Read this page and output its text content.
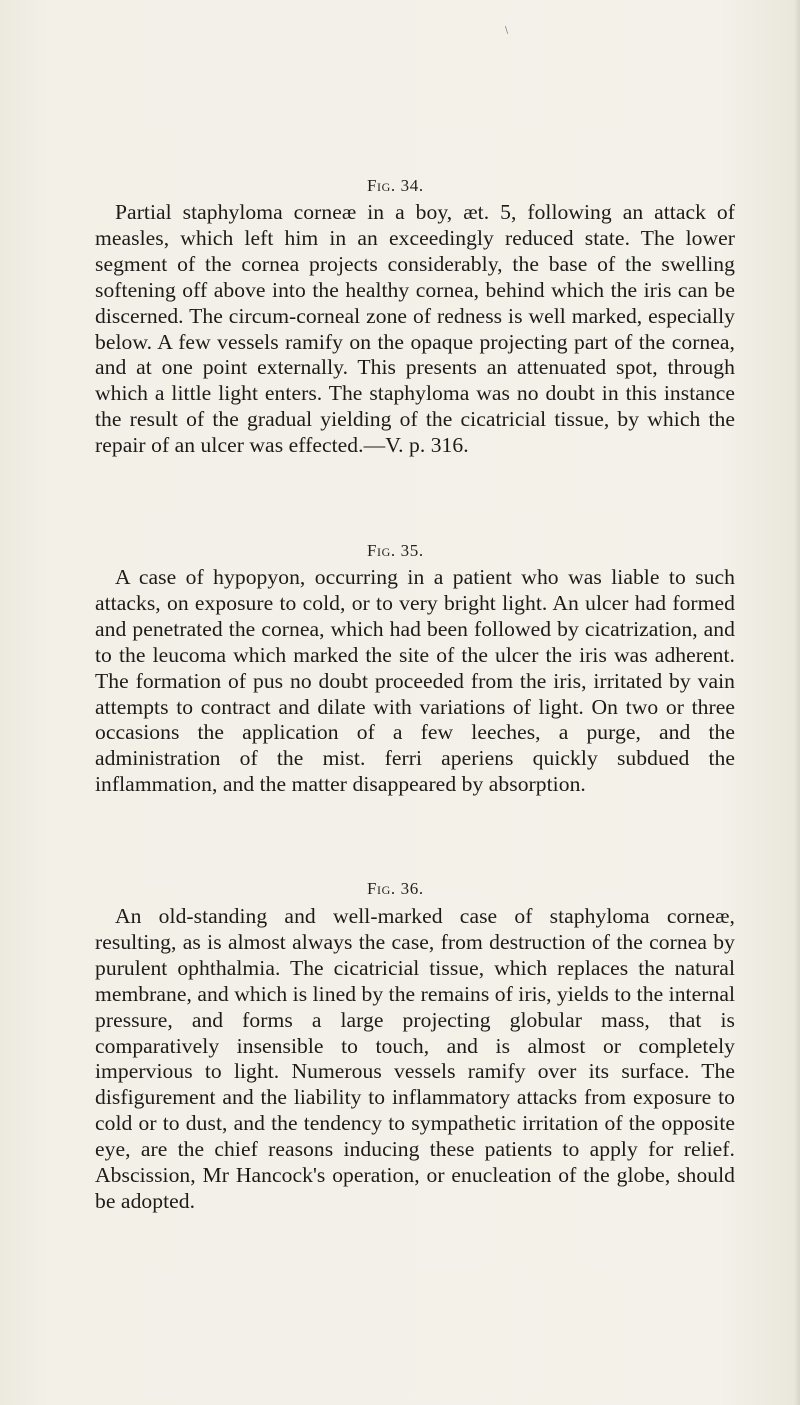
\
Fig. 34.

Partial staphyloma corneæ in a boy, æt. 5, following an attack of measles, which left him in an exceedingly reduced state. The lower segment of the cornea projects considerably, the base of the swelling softening off above into the healthy cornea, behind which the iris can be discerned. The circum-corneal zone of redness is well marked, especially below. A few vessels ramify on the opaque projecting part of the cornea, and at one point externally. This presents an attenuated spot, through which a little light enters. The staphyloma was no doubt in this instance the result of the gradual yielding of the cicatricial tissue, by which the repair of an ulcer was effected.—V. p. 316.

Fig. 35.

A case of hypopyon, occurring in a patient who was liable to such attacks, on exposure to cold, or to very bright light. An ulcer had formed and penetrated the cornea, which had been followed by cicatrization, and to the leucoma which marked the site of the ulcer the iris was adherent. The formation of pus no doubt proceeded from the iris, irritated by vain attempts to contract and dilate with variations of light. On two or three occasions the application of a few leeches, a purge, and the administration of the mist. ferri aperiens quickly subdued the inflammation, and the matter disappeared by absorption.

Fig. 36.

An old-standing and well-marked case of staphyloma corneæ, resulting, as is almost always the case, from destruction of the cornea by purulent ophthalmia. The cicatricial tissue, which replaces the natural membrane, and which is lined by the remains of iris, yields to the internal pressure, and forms a large projecting globular mass, that is comparatively insensible to touch, and is almost or completely impervious to light. Numerous vessels ramify over its surface. The disfigurement and the liability to inflammatory attacks from exposure to cold or to dust, and the tendency to sympathetic irritation of the opposite eye, are the chief reasons inducing these patients to apply for relief. Abscission, Mr Hancock's operation, or enucleation of the globe, should be adopted.
